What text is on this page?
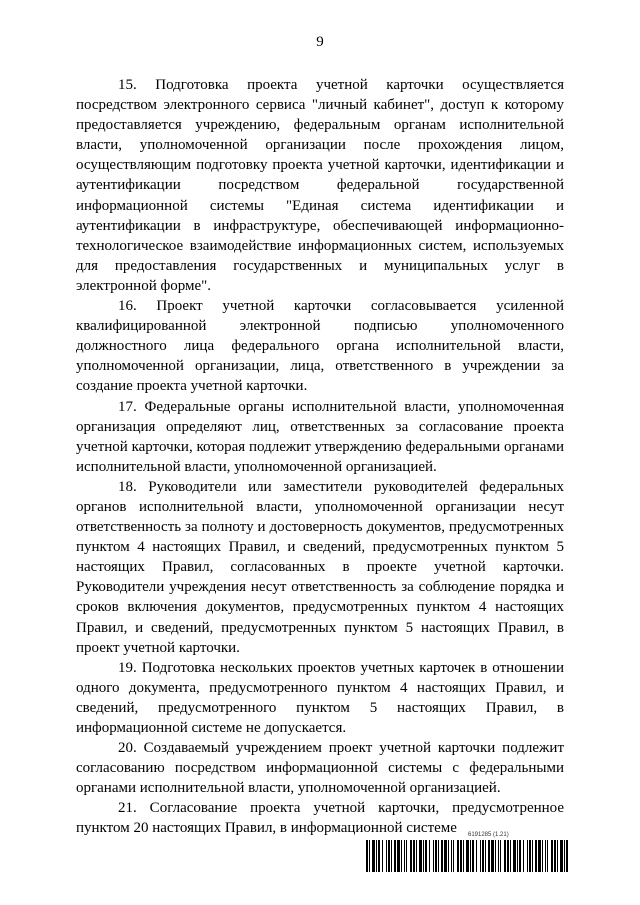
9

15. Подготовка проекта учетной карточки осуществляется посредством электронного сервиса "личный кабинет", доступ к которому предоставляется учреждению, федеральным органам исполнительной власти, уполномоченной организации после прохождения лицом, осуществляющим подготовку проекта учетной карточки, идентификации и аутентификации посредством федеральной государственной информационной системы "Единая система идентификации и аутентификации в инфраструктуре, обеспечивающей информационно-технологическое взаимодействие информационных систем, используемых для предоставления государственных и муниципальных услуг в электронной форме".

16. Проект учетной карточки согласовывается усиленной квалифицированной электронной подписью уполномоченного должностного лица федерального органа исполнительной власти, уполномоченной организации, лица, ответственного в учреждении за создание проекта учетной карточки.

17. Федеральные органы исполнительной власти, уполномоченная организация определяют лиц, ответственных за согласование проекта учетной карточки, которая подлежит утверждению федеральными органами исполнительной власти, уполномоченной организацией.

18. Руководители или заместители руководителей федеральных органов исполнительной власти, уполномоченной организации несут ответственность за полноту и достоверность документов, предусмотренных пунктом 4 настоящих Правил, и сведений, предусмотренных пунктом 5 настоящих Правил, согласованных в проекте учетной карточки. Руководители учреждения несут ответственность за соблюдение порядка и сроков включения документов, предусмотренных пунктом 4 настоящих Правил, и сведений, предусмотренных пунктом 5 настоящих Правил, в проект учетной карточки.

19. Подготовка нескольких проектов учетных карточек в отношении одного документа, предусмотренного пунктом 4 настоящих Правил, и сведений, предусмотренного пунктом 5 настоящих Правил, в информационной системе не допускается.

20. Создаваемый учреждением проект учетной карточки подлежит согласованию посредством информационной системы с федеральными органами исполнительной власти, уполномоченной организацией.

21. Согласование проекта учетной карточки, предусмотренное пунктом 20 настоящих Правил, в информационной системе	6191285 (1.21)
